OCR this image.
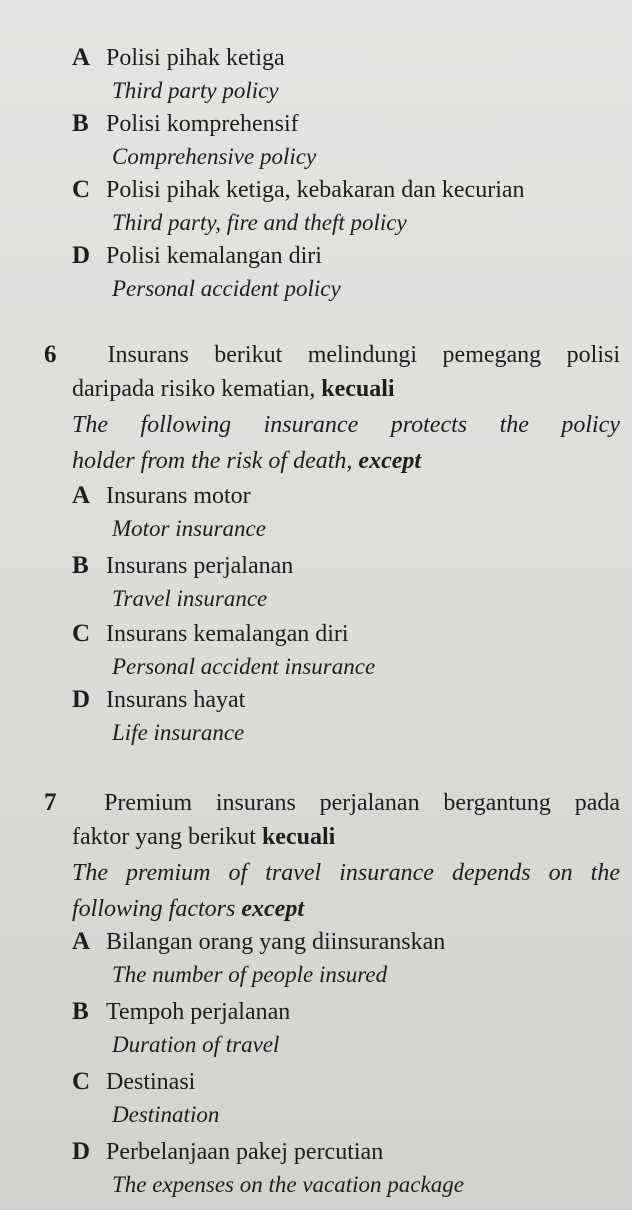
A Polisi pihak ketiga
Third party policy
B Polisi komprehensif
Comprehensive policy
C Polisi pihak ketiga, kebakaran dan kecurian
Third party, fire and theft policy
D Polisi kemalangan diri
Personal accident policy
6 Insurans berikut melindungi pemegang polisi
daripada risiko kematian, kecuali
The following insurance protects the policy
holder from the risk of death, except
A Insurans motor
Motor insurance
B Insurans perjalanan
Travel insurance
C Insurans kemalangan diri
Personal accident insurance
D Insurans hayat
Life insurance
7 Premium insurans perjalanan bergantung pada
faktor yang berikut kecuali
The premium of travel insurance depends on the
following factors except
A Bilangan orang yang diinsuranskan
The number of people insured
B Tempoh perjalanan
Duration of travel
C Destinasi
Destination
D Perbelanjaan pakej percutian
The expenses on the vacation package
